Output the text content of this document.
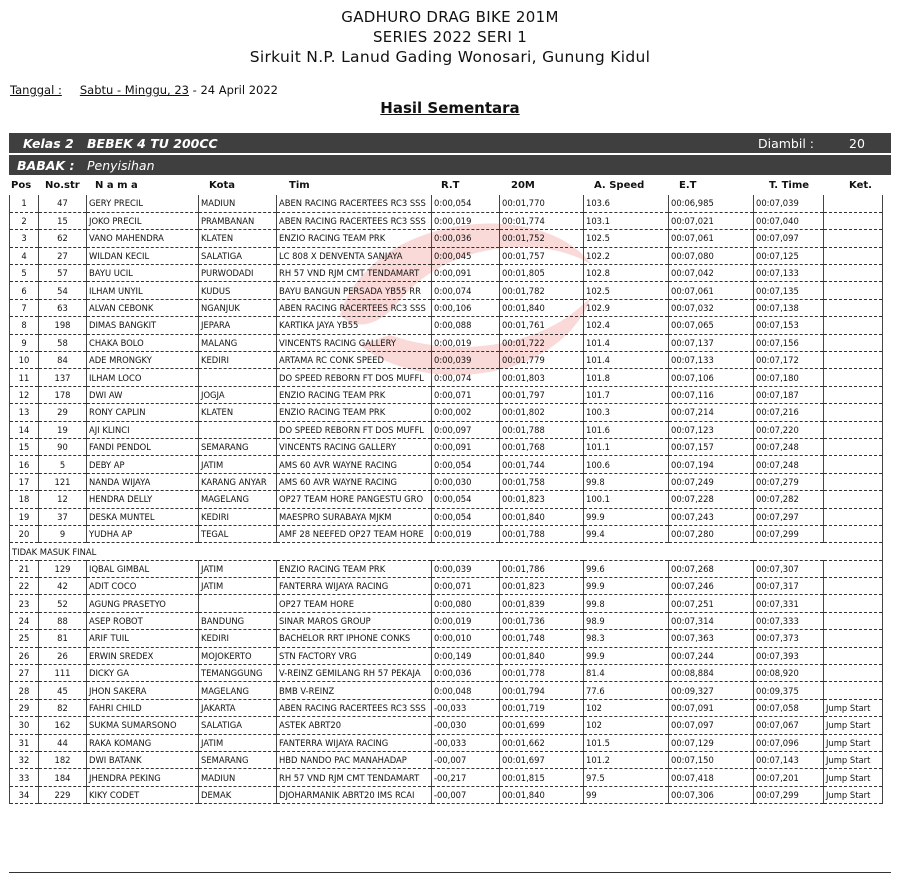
GADHURO DRAG BIKE 201M
SERIES 2022 SERI 1
Sirkuit N.P. Lanud Gading Wonosari, Gunung Kidul
Tanggal : Sabtu - Minggu, 23 - 24 April 2022
Hasil Sementara
Kelas 2 BEBEK 4 TU 200CC	Diambil :	20
BABAK : Penyisihan
Pos No.str N a m a	Kota	Tim	R.T	20M	A. Speed	E.T	T. Time	Ket.
1	47	GERY PRECIL	MADIUN	ABEN RACING RACERTEES RC3 SSS	0:00,054	00:01,770	103.6	00:06,985	00:07,039	
2	15	JOKO PRECIL	PRAMBANAN	ABEN RACING RACERTEES RC3 SSS	0:00,019	00:01,774	103.1	00:07,021	00:07,040	
3	62	VANO MAHENDRA	KLATEN	ENZIO RACING TEAM PRK	0:00,036	00:01,752	102.5	00:07,061	00:07,097	
4	27	WILDAN KECIL	SALATIGA	LC 808 X DENVENTA SANJAYA	0:00,045	00:01,757	102.2	00:07,080	00:07,125	
5	57	BAYU UCIL	PURWODADI	RH 57 VND RJM CMT TENDAMART	0:00,091	00:01,805	102.8	00:07,042	00:07,133	
6	54	ILHAM UNYIL	KUDUS	BAYU BANGUN PERSADA YB55 RR	0:00,074	00:01,782	102.5	00:07,061	00:07,135	
7	63	ALVAN CEBONK	NGANJUK	ABEN RACING RACERTEES RC3 SSS	0:00,106	00:01,840	102.9	00:07,032	00:07,138	
8	198	DIMAS BANGKIT	JEPARA	KARTIKA JAYA YB55	0:00,088	00:01,761	102.4	00:07,065	00:07,153	
9	58	CHAKA BOLO	MALANG	VINCENTS RACING GALLERY	0:00,019	00:01,722	101.4	00:07,137	00:07,156	
10	84	ADE MRONGKY	KEDIRI	ARTAMA RC CONK SPEED	0:00,039	00:01,779	101.4	00:07,133	00:07,172	
11	137	ILHAM LOCO		DO SPEED REBORN FT DOS MUFFL	0:00,074	00:01,803	101.8	00:07,106	00:07,180	
12	178	DWI AW	JOGJA	ENZIO RACING TEAM PRK	0:00,071	00:01,797	101.7	00:07,116	00:07,187	
13	29	RONY CAPLIN	KLATEN	ENZIO RACING TEAM PRK	0:00,002	00:01,802	100.3	00:07,214	00:07,216	
14	19	AJI KLINCI		DO SPEED REBORN FT DOS MUFFL	0:00,097	00:01,788	101.6	00:07,123	00:07,220	
15	90	FANDI PENDOL	SEMARANG	VINCENTS RACING GALLERY	0:00,091	00:01,768	101.1	00:07,157	00:07,248	
16	5	DEBY AP	JATIM	AMS 60 AVR WAYNE RACING	0:00,054	00:01,744	100.6	00:07,194	00:07,248	
17	121	NANDA WIJAYA	KARANG ANYAR	AMS 60 AVR WAYNE RACING	0:00,030	00:01,758	99.8	00:07,249	00:07,279	
18	12	HENDRA DELLY	MAGELANG	OP27 TEAM HORE PANGESTU GRO	0:00,054	00:01,823	100.1	00:07,228	00:07,282	
19	37	DESKA MUNTEL	KEDIRI	MAESPRO SURABAYA MJKM	0:00,054	00:01,840	99.9	00:07,243	00:07,297	
20	9	YUDHA AP	TEGAL	AMF 28 NEEFED OP27 TEAM HORE	0:00,019	00:01,788	99.4	00:07,280	00:07,299	
TIDAK MASUK FINAL										
21	129	IQBAL GIMBAL	JATIM	ENZIO RACING TEAM PRK	0:00,039	00:01,786	99.6	00:07,268	00:07,307	
22	42	ADIT COCO	JATIM	FANTERRA WIJAYA RACING	0:00,071	00:01,823	99.9	00:07,246	00:07,317	
23	52	AGUNG PRASETYO		OP27 TEAM HORE	0:00,080	00:01,839	99.8	00:07,251	00:07,331	
24	88	ASEP ROBOT	BANDUNG	SINAR MAROS GROUP	0:00,019	00:01,736	98.9	00:07,314	00:07,333	
25	81	ARIF TUIL	KEDIRI	BACHELOR RRT IPHONE CONKS	0:00,010	00:01,748	98.3	00:07,363	00:07,373	
26	26	ERWIN SREDEX	MOJOKERTO	STN FACTORY VRG	0:00,149	00:01,840	99.9	00:07,244	00:07,393	
27	111	DICKY GA	TEMANGGUNG	V-REINZ GEMILANG RH 57 PEKAJA	0:00,036	00:01,778	81.4	00:08,884	00:08,920	
28	45	JHON SAKERA	MAGELANG	BMB V-REINZ	0:00,048	00:01,794	77.6	00:09,327	00:09,375	
29	82	FAHRI CHILD	JAKARTA	ABEN RACING RACERTEES RC3 SSS	-00,033	00:01,719	102	00:07,091	00:07,058	Jump Start
30	162	SUKMA SUMARSONO	SALATIGA	ASTEK ABRT20	-00,030	00:01,699	102	00:07,097	00:07,067	Jump Start
31	44	RAKA KOMANG	JATIM	FANTERRA WIJAYA RACING	-00,033	00:01,662	101.5	00:07,129	00:07,096	Jump Start
32	182	DWI BATANK	SEMARANG	HBD NANDO PAC MANAHADAP	-00,007	00:01,697	101.2	00:07,150	00:07,143	Jump Start
33	184	JHENDRA PEKING	MADIUN	RH 57 VND RJM CMT TENDAMART	-00,217	00:01,815	97.5	00:07,418	00:07,201	Jump Start
34	229	KIKY CODET	DEMAK	DJOHARMANIK ABRT20 IMS RCAI	-00,007	00:01,840	99	00:07,306	00:07,299	Jump Start
